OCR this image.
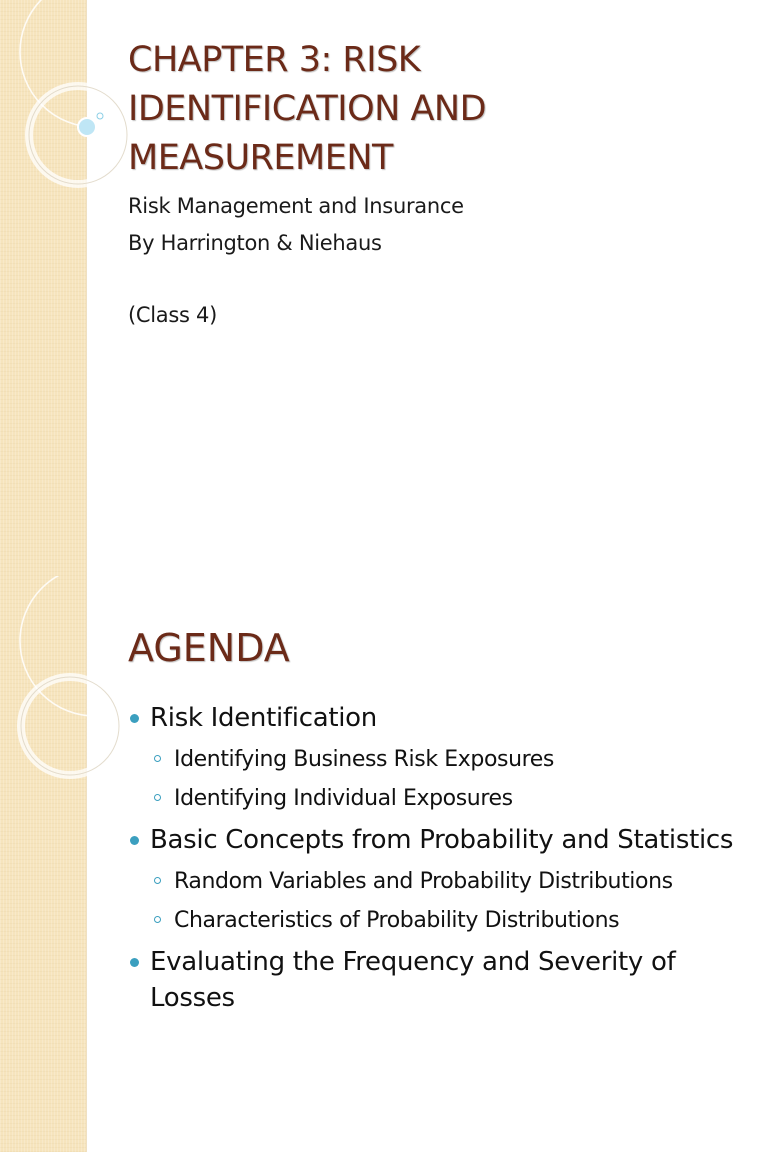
CHAPTER 3: RISK IDENTIFICATION AND MEASUREMENT
Risk Management and Insurance
By Harrington & Niehaus
(Class 4)
AGENDA
Risk Identification
Identifying Business Risk Exposures
Identifying Individual Exposures
Basic Concepts from Probability and Statistics
Random Variables and Probability Distributions
Characteristics of Probability Distributions
Evaluating the Frequency and Severity of Losses
